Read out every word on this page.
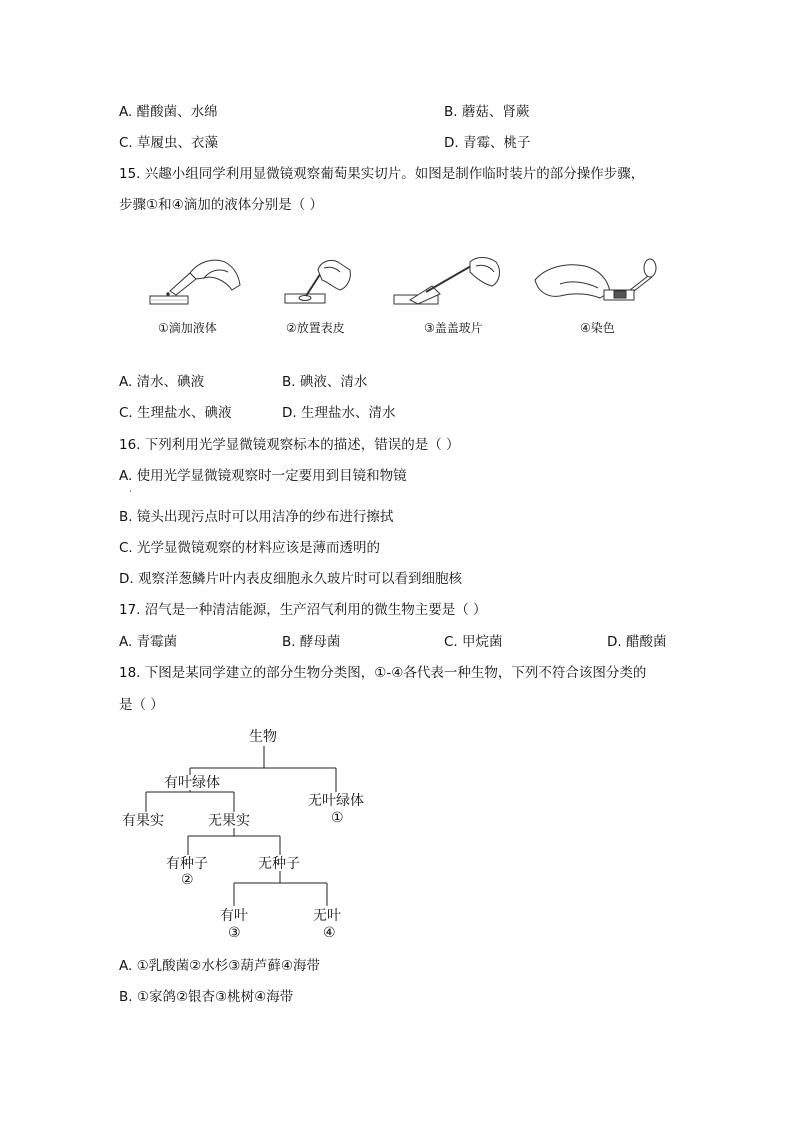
A. 醋酸菌、水绵	B. 蘑菇、肾蕨
C. 草履虫、衣藻	D. 青霉、桃子
15. 兴趣小组同学利用显微镜观察葡萄果实切片。如图是制作临时装片的部分操作步骤，
步骤①和④滴加的液体分别是（ ）
①滴加液体	②放置表皮	③盖盖玻片	④染色
A. 清水、碘液	B. 碘液、清水
C. 生理盐水、碘液	D. 生理盐水、清水
16. 下列利用光学显微镜观察标本的描述，错误的是（ ）
A. 使用光学显微镜观察时一定要用到目镜和物镜
·
B. 镜头出现污点时可以用洁净的纱布进行擦拭
C. 光学显微镜观察的材料应该是薄而透明的
D. 观察洋葱鳞片叶内表皮细胞永久玻片时可以看到细胞核
17. 沼气是一种清洁能源，生产沼气利用的微生物主要是（ ）
A. 青霉菌	B. 酵母菌	C. 甲烷菌	D. 醋酸菌
18. 下图是某同学建立的部分生物分类图，①-④各代表一种生物，下列不符合该图分类的
是（ ）
生物
有叶绿体
无叶绿体
①
有果实	无果实
有种子
②
无种子
有叶
③
无叶
④
A. ①乳酸菌②水杉③葫芦藓④海带
B. ①家鸽②银杏③桃树④海带
